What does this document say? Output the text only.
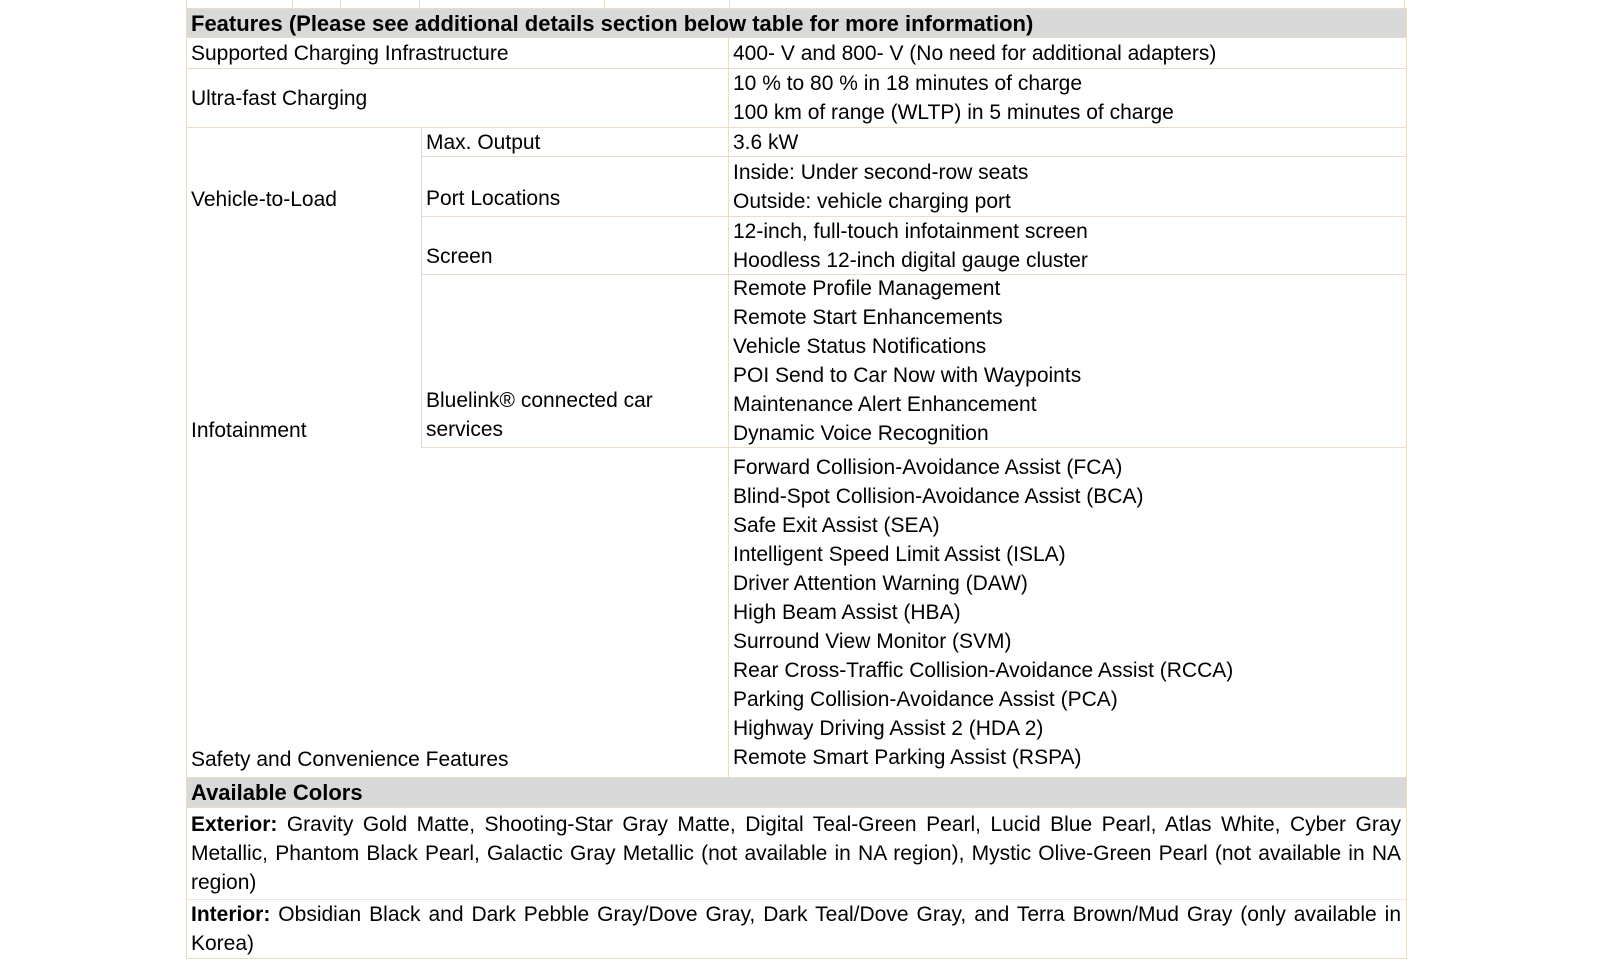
Features (Please see additional details section below table for more information)
Supported Charging Infrastructure	400- V and 800- V (No need for additional adapters)
Ultra-fast Charging
10 % to 80 % in 18 minutes of charge
100 km of range (WLTP) in 5 minutes of charge
Vehicle-to-Load
Max. Output	3.6 kW
Port Locations
Inside: Under second-row seats
Outside: vehicle charging port
Infotainment
Screen
12-inch, full-touch infotainment screen
Hoodless 12-inch digital gauge cluster
Bluelink® connected car services
Remote Profile Management
Remote Start Enhancements
Vehicle Status Notifications
POI Send to Car Now with Waypoints
Maintenance Alert Enhancement
Dynamic Voice Recognition
Safety and Convenience Features
Forward Collision-Avoidance Assist (FCA)
Blind-Spot Collision-Avoidance Assist (BCA)
Safe Exit Assist (SEA)
Intelligent Speed Limit Assist (ISLA)
Driver Attention Warning (DAW)
High Beam Assist (HBA)
Surround View Monitor (SVM)
Rear Cross-Traffic Collision-Avoidance Assist (RCCA)
Parking Collision-Avoidance Assist (PCA)
Highway Driving Assist 2 (HDA 2)
Remote Smart Parking Assist (RSPA)
Available Colors
Exterior: Gravity Gold Matte, Shooting-Star Gray Matte, Digital Teal-Green Pearl, Lucid Blue Pearl, Atlas White, Cyber Gray Metallic, Phantom Black Pearl, Galactic Gray Metallic (not available in NA region), Mystic Olive-Green Pearl (not available in NA region)
Interior: Obsidian Black and Dark Pebble Gray/Dove Gray, Dark Teal/Dove Gray, and Terra Brown/Mud Gray (only available in Korea)
